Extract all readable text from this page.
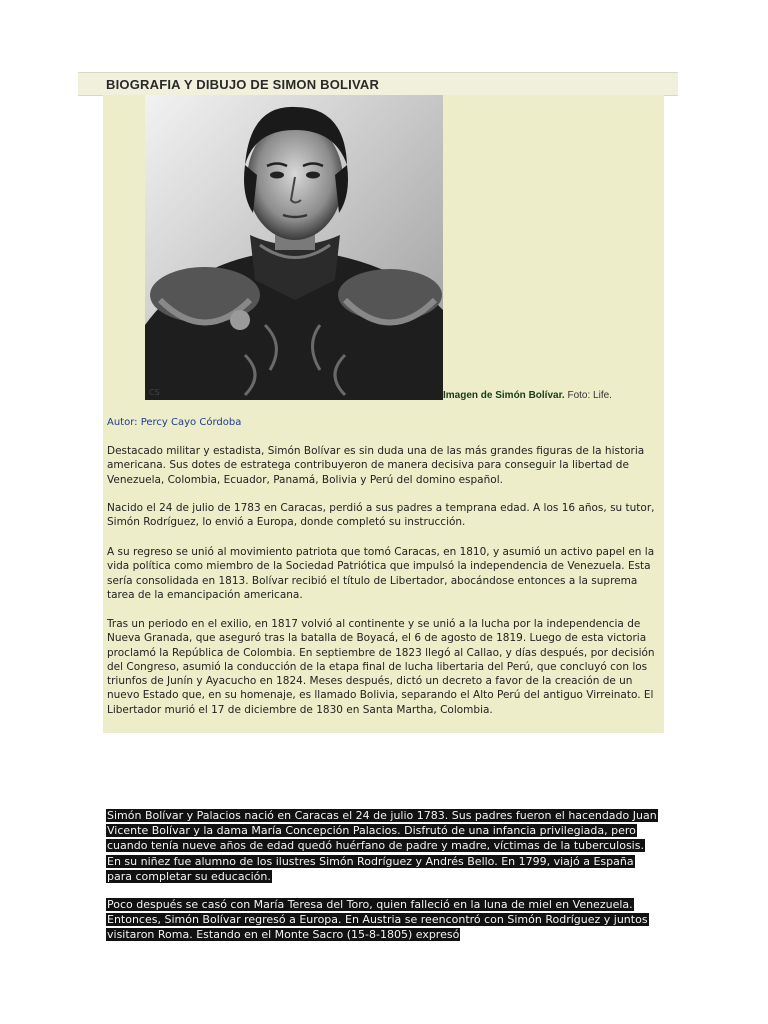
BIOGRAFIA Y DIBUJO DE SIMON BOLIVAR
CS	Imagen de Simón Bolívar. Foto: Life.
Autor: Percy Cayo Córdoba
Destacado militar y estadista, Simón Bolívar es sin duda una de las más grandes figuras de la historia americana. Sus dotes de estratega contribuyeron de manera decisiva para conseguir la libertad de Venezuela, Colombia, Ecuador, Panamá, Bolivia y Perú del domino español.
Nacido el 24 de julio de 1783 en Caracas, perdió a sus padres a temprana edad. A los 16 años, su tutor, Simón Rodríguez, lo envió a Europa, donde completó su instrucción.
A su regreso se unió al movimiento patriota que tomó Caracas, en 1810, y asumió un activo papel en la vida política como miembro de la Sociedad Patriótica que impulsó la independencia de Venezuela. Esta sería consolidada en 1813. Bolívar recibió el título de Libertador, abocándose entonces a la suprema tarea de la emancipación americana.
Tras un periodo en el exilio, en 1817 volvió al continente y se unió a la lucha por la independencia de Nueva Granada, que aseguró tras la batalla de Boyacá, el 6 de agosto de 1819. Luego de esta victoria proclamó la República de Colombia. En septiembre de 1823 llegó al Callao, y días después, por decisión del Congreso, asumió la conducción de la etapa final de lucha libertaria del Perú, que concluyó con los triunfos de Junín y Ayacucho en 1824. Meses después, dictó un decreto a favor de la creación de un nuevo Estado que, en su homenaje, es llamado Bolivia, separando el Alto Perú del antiguo Virreinato. El Libertador murió el 17 de diciembre de 1830 en Santa Martha, Colombia.
Simón Bolívar y Palacios nació en Caracas el 24 de julio 1783. Sus padres fueron el hacendado Juan Vicente Bolívar y la dama María Concepción Palacios. Disfrutó de una infancia privilegiada, pero cuando tenía nueve años de edad quedó huérfano de padre y madre, víctimas de la tuberculosis. En su niñez fue alumno de los ilustres Simón Rodríguez y Andrés Bello. En 1799, viajó a España para completar su educación.
Poco después se casó con María Teresa del Toro, quien falleció en la luna de miel en Venezuela. Entonces, Simón Bolívar regresó a Europa. En Austria se reencontró con Simón Rodríguez y juntos visitaron Roma. Estando en el Monte Sacro (15-8-1805) expresó
